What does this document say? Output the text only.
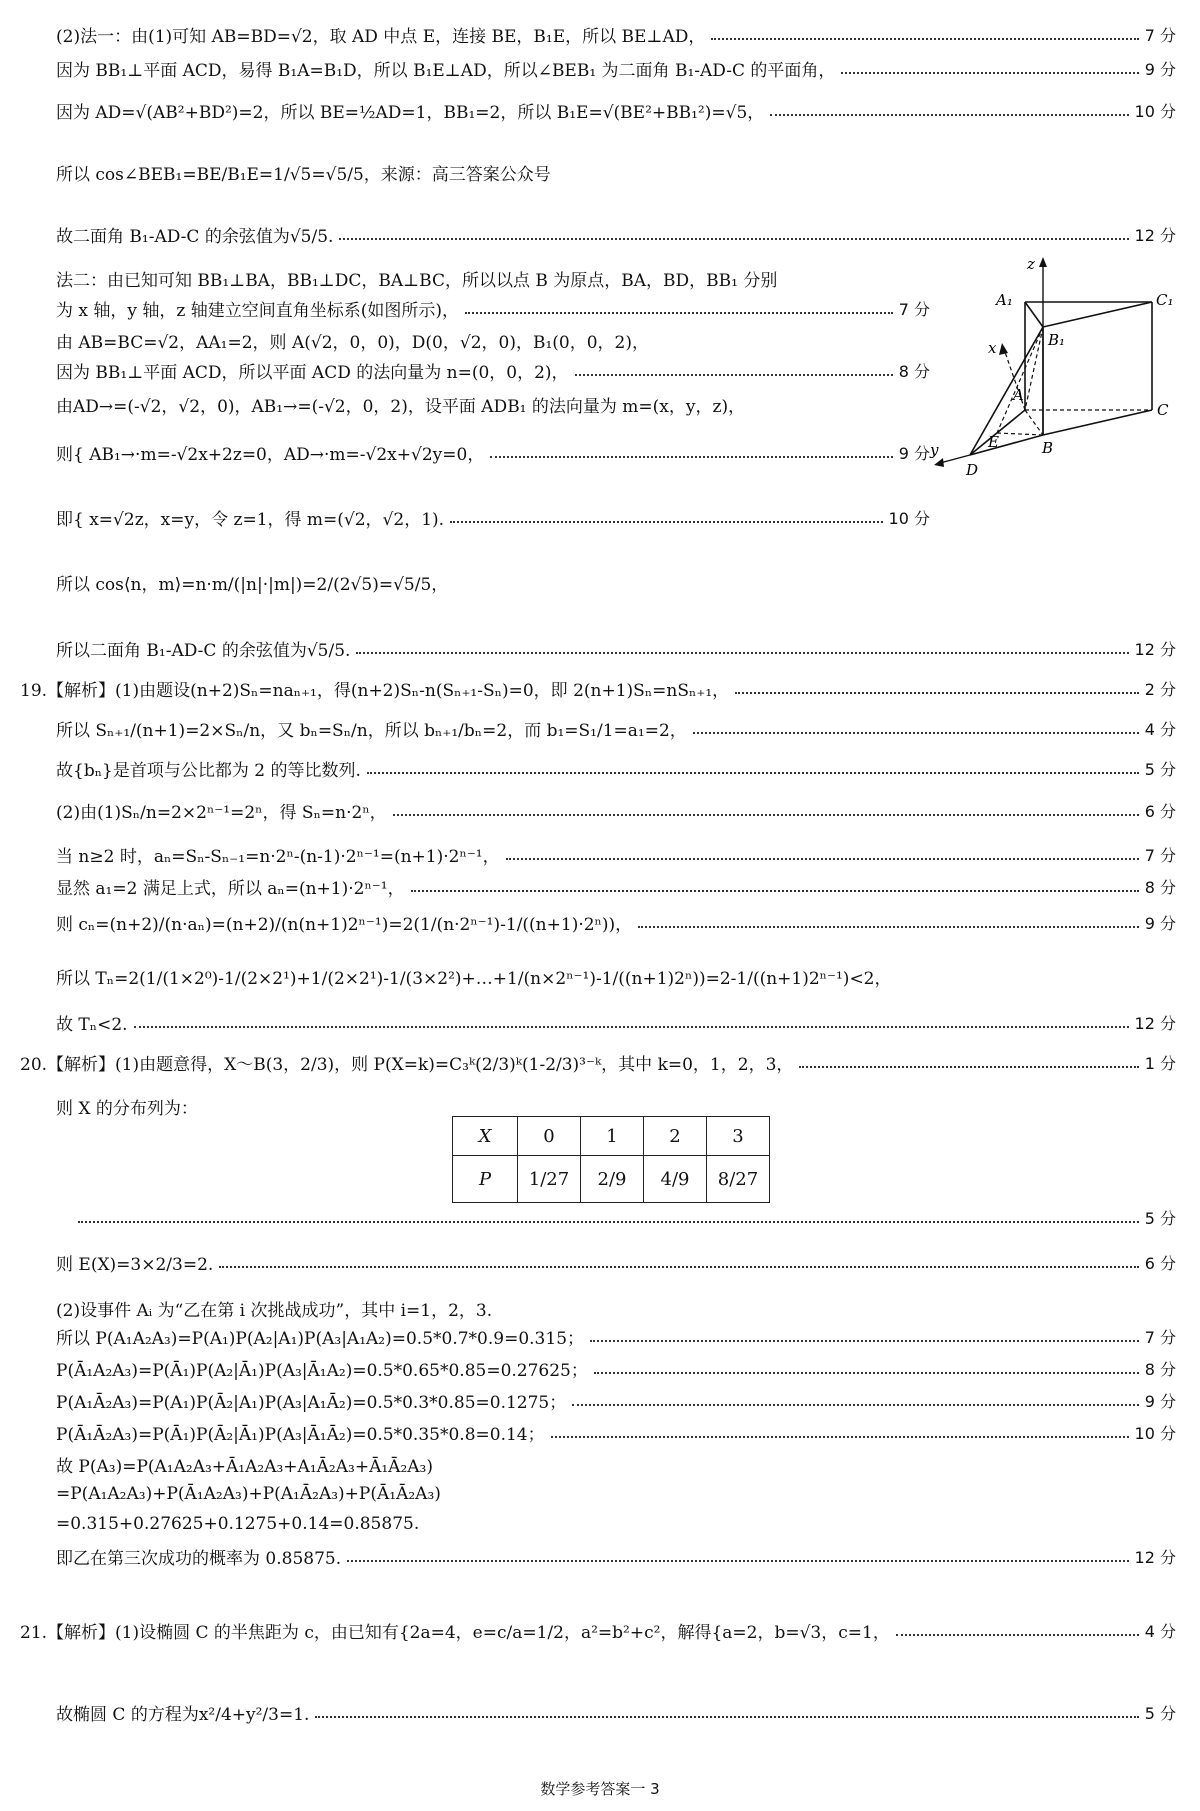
(2)法一：由(1)可知 AB=BD=√2，取 AD 中点 E，连接 BE，B₁E，所以 BE⊥AD，	7 分
因为 BB₁⊥平面 ACD，易得 B₁A=B₁D，所以 B₁E⊥AD，所以∠BEB₁ 为二面角 B₁-AD-C 的平面角，	9 分
因为 AD=√(AB²+BD²)=2，所以 BE=½AD=1，BB₁=2，所以 B₁E=√(BE²+BB₁²)=√5，	10 分
所以 cos∠BEB₁=BE/B₁E=1/√5=√5/5，来源：高三答案公众号
故二面角 B₁-AD-C 的余弦值为√5/5.	12 分
法二：由已知可知 BB₁⊥BA，BB₁⊥DC，BA⊥BC，所以以点 B 为原点，BA，BD，BB₁ 分别
为 x 轴，y 轴，z 轴建立空间直角坐标系(如图所示)，	7 分
由 AB=BC=√2，AA₁=2，则 A(√2，0，0)，D(0，√2，0)，B₁(0，0，2)，
因为 BB₁⊥平面 ACD，所以平面 ACD 的法向量为 n=(0，0，2)，	8 分
由AD→=(-√2，√2，0)，AB₁→=(-√2，0，2)，设平面 ADB₁ 的法向量为 m=(x，y，z)，
则{ AB₁→·m=-√2x+2z=0，AD→·m=-√2x+√2y=0，	9 分
即{ x=√2z，x=y，令 z=1，得 m=(√2，√2，1).	10 分
所以 cos⟨n，m⟩=n·m/(|n|·|m|)=2/(2√5)=√5/5，
所以二面角 B₁-AD-C 的余弦值为√5/5.	12 分
19.【解析】(1)由题设(n+2)Sₙ=naₙ₊₁，得(n+2)Sₙ-n(Sₙ₊₁-Sₙ)=0，即 2(n+1)Sₙ=nSₙ₊₁，	2 分
所以 Sₙ₊₁/(n+1)=2×Sₙ/n，又 bₙ=Sₙ/n，所以 bₙ₊₁/bₙ=2，而 b₁=S₁/1=a₁=2，	4 分
故{bₙ}是首项与公比都为 2 的等比数列.	5 分
(2)由(1)Sₙ/n=2×2ⁿ⁻¹=2ⁿ，得 Sₙ=n·2ⁿ，	6 分
当 n≥2 时，aₙ=Sₙ-Sₙ₋₁=n·2ⁿ-(n-1)·2ⁿ⁻¹=(n+1)·2ⁿ⁻¹，	7 分
显然 a₁=2 满足上式，所以 aₙ=(n+1)·2ⁿ⁻¹，	8 分
则 cₙ=(n+2)/(n·aₙ)=(n+2)/(n(n+1)2ⁿ⁻¹)=2(1/(n·2ⁿ⁻¹)-1/((n+1)·2ⁿ))，	9 分
所以 Tₙ=2(1/(1×2⁰)-1/(2×2¹)+1/(2×2¹)-1/(3×2²)+…+1/(n×2ⁿ⁻¹)-1/((n+1)2ⁿ))=2-1/((n+1)2ⁿ⁻¹)<2，
故 Tₙ<2.	12 分
20.【解析】(1)由题意得，X～B(3，2/3)，则 P(X=k)=C₃ᵏ(2/3)ᵏ(1-2/3)³⁻ᵏ，其中 k=0，1，2，3，	1 分
则 X 的分布列为：
X	0	1	2	3
P	1/27	2/9	4/9	8/27
5 分
则 E(X)=3×2/3=2.	6 分
(2)设事件 Aᵢ 为“乙在第 i 次挑战成功”，其中 i=1，2，3.
所以 P(A₁A₂A₃)=P(A₁)P(A₂|A₁)P(A₃|A₁A₂)=0.5*0.7*0.9=0.315；	7 分
P(Ā₁A₂A₃)=P(Ā₁)P(A₂|Ā₁)P(A₃|Ā₁A₂)=0.5*0.65*0.85=0.27625；	8 分
P(A₁Ā₂A₃)=P(A₁)P(Ā₂|A₁)P(A₃|A₁Ā₂)=0.5*0.3*0.85=0.1275；	9 分
P(Ā₁Ā₂A₃)=P(Ā₁)P(Ā₂|Ā₁)P(A₃|Ā₁Ā₂)=0.5*0.35*0.8=0.14；	10 分
故 P(A₃)=P(A₁A₂A₃+Ā₁A₂A₃+A₁Ā₂A₃+Ā₁Ā₂A₃)
=P(A₁A₂A₃)+P(Ā₁A₂A₃)+P(A₁Ā₂A₃)+P(Ā₁Ā₂A₃)
=0.315+0.27625+0.1275+0.14=0.85875.
即乙在第三次成功的概率为 0.85875.	12 分
21.【解析】(1)设椭圆 C 的半焦距为 c，由已知有{2a=4，e=c/a=1/2，a²=b²+c²，解得{a=2，b=√3，c=1，	4 分
故椭圆 C 的方程为x²/4+y²/3=1.	5 分
z
A₁	C₁
B₁
x
A
C
E	B
y
D
数学参考答案一 3
